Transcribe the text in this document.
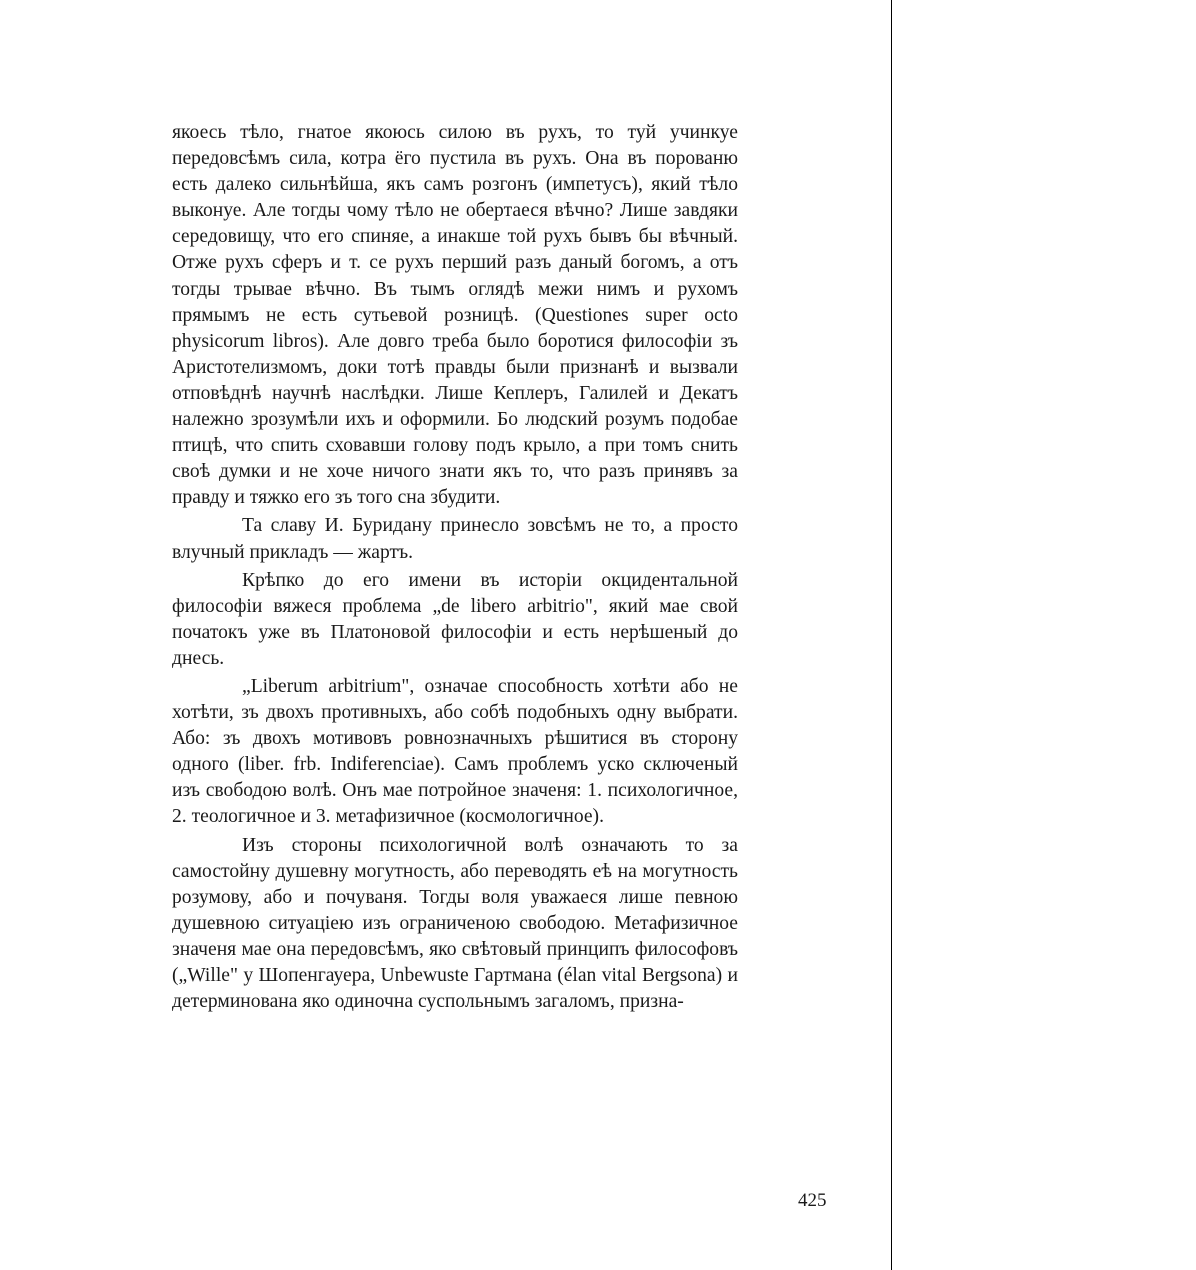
якоесь тѣло, гнатое якоюсь силою въ рухъ, то туй учинкуе передовсѣмъ сила, котра ёго пустила въ рухъ. Она въ порованю есть далеко сильнѣйша, якъ самъ розгонъ (импетусъ), який тѣло выконуе. Але тогды чому тѣло не обертаеся вѣчно? Лише завдяки середовищу, что его спиняе, а инакше той рухъ бывъ бы вѣчный. Отже рухъ сферъ и т. се рухъ перший разъ даный богомъ, а отъ тогды трывае вѣчно. Въ тымъ оглядѣ межи нимъ и рухомъ прямымъ не есть сутьевой розницѣ. (Questiones super octo physicorum libros). Але довго треба было боротися философiи зъ Аристотелизмомъ, доки тотѣ правды были признанѣ и вызвали отповѣднѣ научнѣ наслѣдки. Лише Кеплеръ, Галилей и Декатъ належно зрозумѣли ихъ и оформили. Бо людский розумъ подобае птицѣ, что спить сховавши голову подъ крыло, а при томъ снить своѣ думки и не хоче ничого знати якъ то, что разъ принявъ за правду и тяжко его зъ того сна збудити.

Та славу И. Буридану принесло зовсѣмъ не то, а просто влучный прикладъ — жартъ.

Крѣпко до его имени въ исторiи окцидентальной философiи вяжеся проблема „de libero arbitrio", який мае свой початокъ уже въ Платоновой философiи и есть нерѣшеный до днесь.

„Liberum arbitrium", означае способность хотѣти або не хотѣти, зъ двохъ противныхъ, або собѣ подобныхъ одну выбрати. Або: зъ двохъ мотивовъ ровнозначныхъ рѣшитися въ сторону одного (liber. frb. Indiferenciae). Самъ проблемъ уско сключеный изъ свободою волѣ. Онъ мае потройное значеня: 1. психологичное, 2. теологичное и 3. метафизичное (космологичное).

Изъ стороны психологичной волѣ означають то за самостойну душевну могутность, або переводять еѣ на могутность розумову, або и почуваня. Тогды воля уважаеся лише певною душевною ситуацiею изъ ограниченою свободою. Метафизичное значеня мае она передовсѣмъ, яко свѣтовый принципъ философовъ („Wille" у Шопенгауера, Unbewuste Гартмана (élan vital Bergsona) и детерминована яко одиночна суспольнымъ загаломъ, призна-

425
